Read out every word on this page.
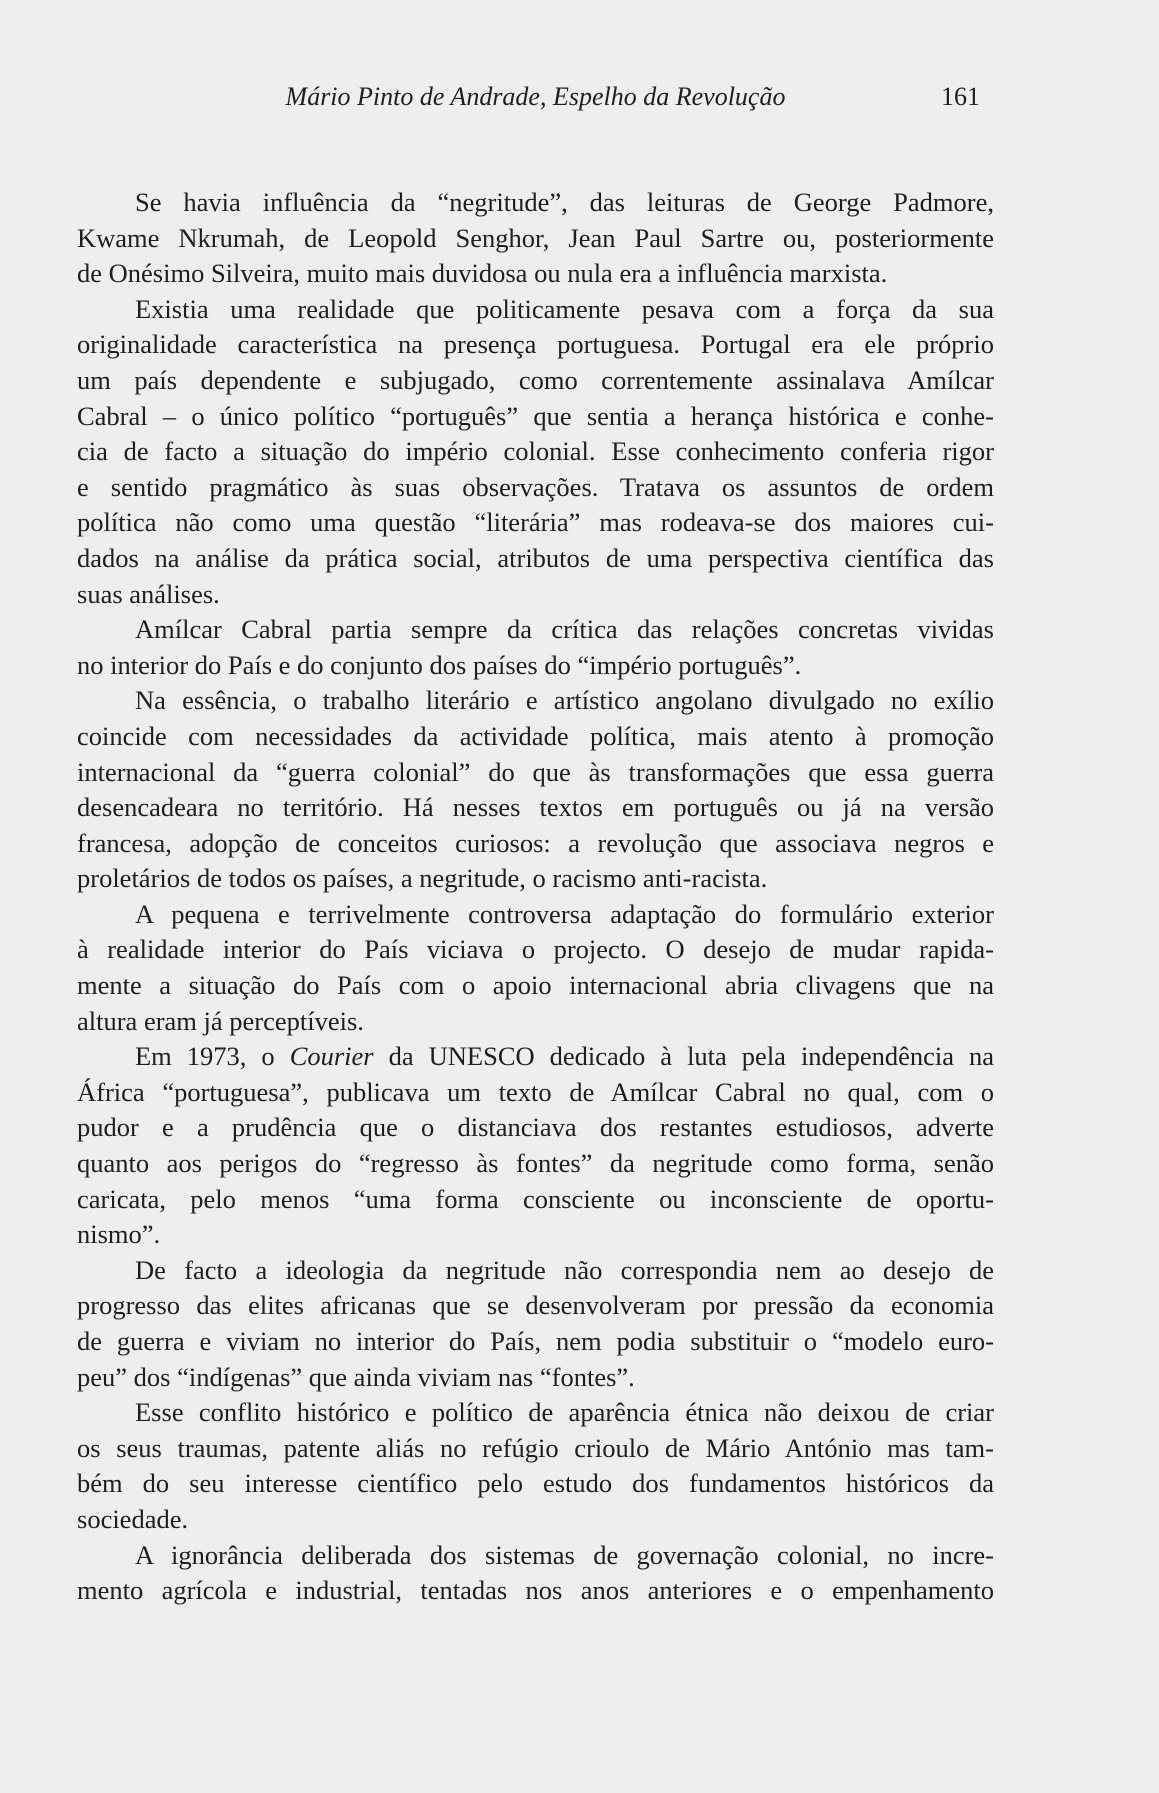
Mário Pinto de Andrade, Espelho da Revolução	161
Se havia influência da “negritude”, das leituras de George Padmore,
Kwame Nkrumah, de Leopold Senghor, Jean Paul Sartre ou, posteriormente
de Onésimo Silveira, muito mais duvidosa ou nula era a influência marxista.
Existia uma realidade que politicamente pesava com a força da sua
originalidade característica na presença portuguesa. Portugal era ele próprio
um país dependente e subjugado, como correntemente assinalava Amílcar
Cabral – o único político “português” que sentia a herança histórica e conhe-
cia de facto a situação do império colonial. Esse conhecimento conferia rigor
e sentido pragmático às suas observações. Tratava os assuntos de ordem
política não como uma questão “literária” mas rodeava-se dos maiores cui-
dados na análise da prática social, atributos de uma perspectiva científica das
suas análises.
Amílcar Cabral partia sempre da crítica das relações concretas vividas
no interior do País e do conjunto dos países do “império português”.
Na essência, o trabalho literário e artístico angolano divulgado no exílio
coincide com necessidades da actividade política, mais atento à promoção
internacional da “guerra colonial” do que às transformações que essa guerra
desencadeara no território. Há nesses textos em português ou já na versão
francesa, adopção de conceitos curiosos: a revolução que associava negros e
proletários de todos os países, a negritude, o racismo anti-racista.
A pequena e terrivelmente controversa adaptação do formulário exterior
à realidade interior do País viciava o projecto. O desejo de mudar rapida-
mente a situação do País com o apoio internacional abria clivagens que na
altura eram já perceptíveis.
Em 1973, o Courier da UNESCO dedicado à luta pela independência na
África “portuguesa”, publicava um texto de Amílcar Cabral no qual, com o
pudor e a prudência que o distanciava dos restantes estudiosos, adverte
quanto aos perigos do “regresso às fontes” da negritude como forma, senão
caricata, pelo menos “uma forma consciente ou inconsciente de oportu-
nismo”.
De facto a ideologia da negritude não correspondia nem ao desejo de
progresso das elites africanas que se desenvolveram por pressão da economia
de guerra e viviam no interior do País, nem podia substituir o “modelo euro-
peu” dos “indígenas” que ainda viviam nas “fontes”.
Esse conflito histórico e político de aparência étnica não deixou de criar
os seus traumas, patente aliás no refúgio crioulo de Mário António mas tam-
bém do seu interesse científico pelo estudo dos fundamentos históricos da
sociedade.
A ignorância deliberada dos sistemas de governação colonial, no incre-
mento agrícola e industrial, tentadas nos anos anteriores e o empenhamento
